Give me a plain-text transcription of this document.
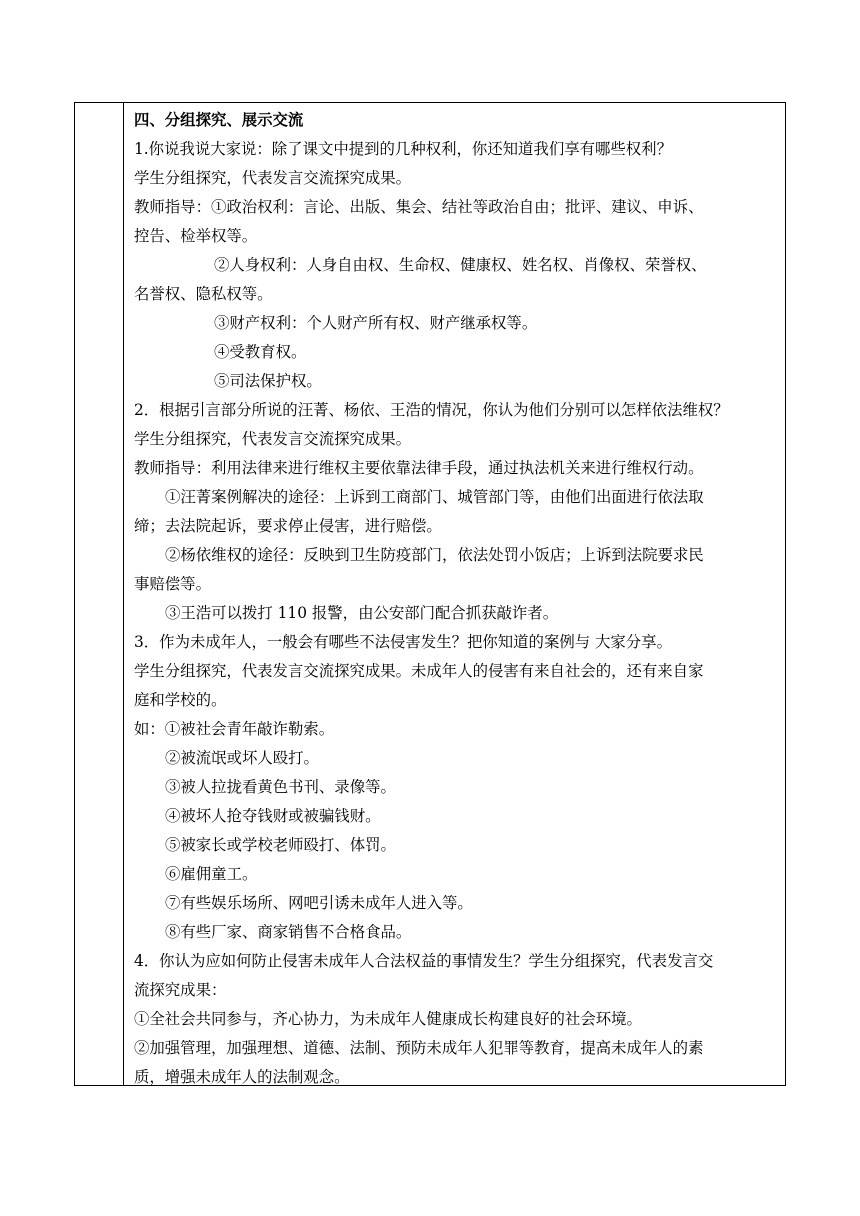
四、分组探究、展示交流
1.你说我说大家说：除了课文中提到的几种权利，你还知道我们享有哪些权利？
学生分组探究，代表发言交流探究成果。
教师指导：①政治权利：言论、出版、集会、结社等政治自由；批评、建议、申诉、
控告、检举权等。
②人身权利：人身自由权、生命权、健康权、姓名权、肖像权、荣誉权、
名誉权、隐私权等。
③财产权利：个人财产所有权、财产继承权等。
④受教育权。
⑤司法保护权。
2．根据引言部分所说的汪菁、杨依、王浩的情况，你认为他们分别可以怎样依法维权？
学生分组探究，代表发言交流探究成果。
教师指导：利用法律来进行维权主要依靠法律手段，通过执法机关来进行维权行动。
①汪菁案例解决的途径：上诉到工商部门、城管部门等，由他们出面进行依法取
缔；去法院起诉，要求停止侵害，进行赔偿。
②杨依维权的途径：反映到卫生防疫部门，依法处罚小饭店；上诉到法院要求民
事赔偿等。
③王浩可以拨打 110 报警，由公安部门配合抓获敲诈者。
3．作为未成年人，一般会有哪些不法侵害发生？把你知道的案例与 大家分享。
学生分组探究，代表发言交流探究成果。未成年人的侵害有来自社会的，还有来自家
庭和学校的。
如：①被社会青年敲诈勒索。
②被流氓或坏人殴打。
③被人拉拢看黄色书刊、录像等。
④被坏人抢夺钱财或被骗钱财。
⑤被家长或学校老师殴打、体罚。
⑥雇佣童工。
⑦有些娱乐场所、网吧引诱未成年人进入等。
⑧有些厂家、商家销售不合格食品。
4．你认为应如何防止侵害未成年人合法权益的事情发生？学生分组探究，代表发言交
流探究成果：
①全社会共同参与，齐心协力，为未成年人健康成长构建良好的社会环境。
②加强管理，加强理想、道德、法制、预防未成年人犯罪等教育，提高未成年人的素
质，增强未成年人的法制观念。
